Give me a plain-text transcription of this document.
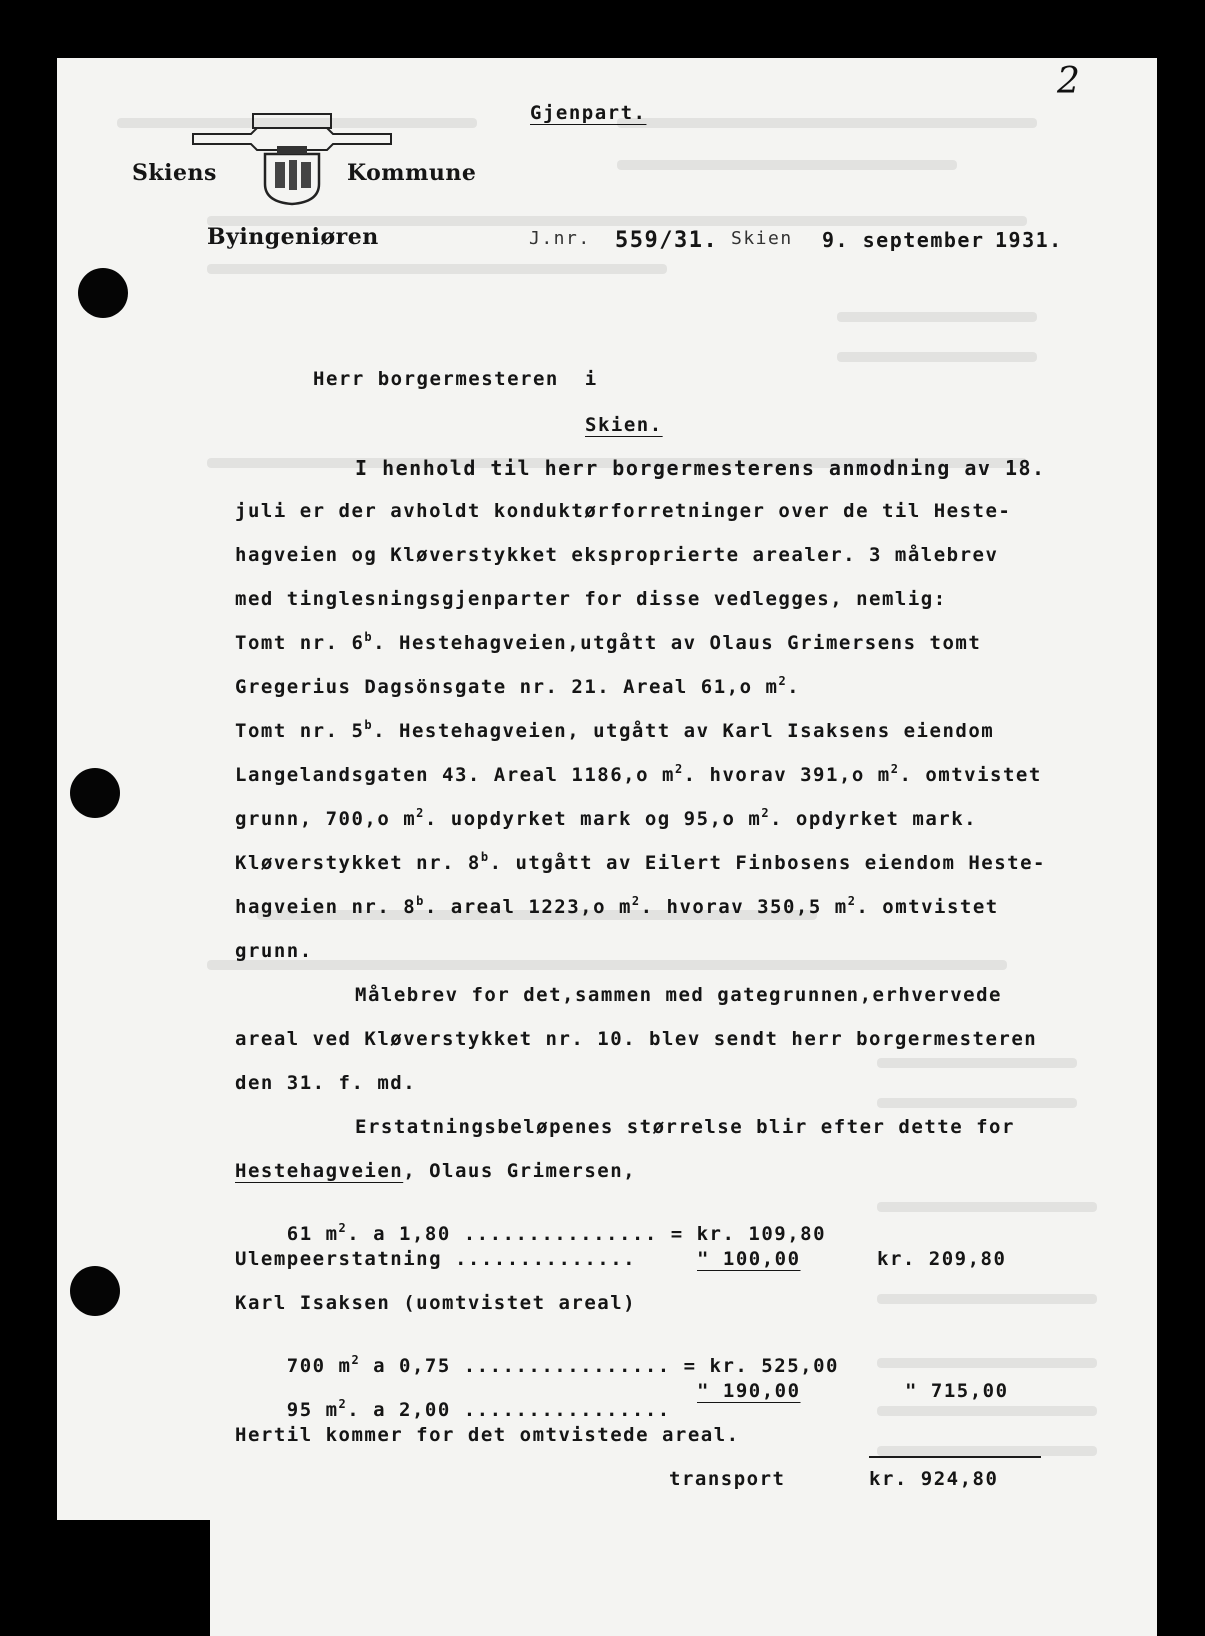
2
Gjenpart.
Skiens	Kommune
Byingeniøren	J.nr. 559/31. Skien 9. september 1931.
Herr borgermesteren  i
Skien.
I henhold til herr borgermesterens anmodning av 18.
juli er der avholdt konduktørforretninger over de til Heste-
hagveien og Kløverstykket eksproprierte arealer. 3 målebrev
med tinglesningsgjenparter for disse vedlegges, nemlig:
Tomt nr. 6$^b$. Hestehagveien,utgått av Olaus Grimersens tomt
Gregerius Dagsönsgate nr. 21. Areal 61,o $m^2$.
Tomt nr. 5$^b$. Hestehagveien, utgått av Karl Isaksens eiendom
Langelandsgaten 43. Areal 1186,o $m^2$. hvorav 391,o $m^2$. omtvistet
grunn, 700,o $m^2$. uopdyrket mark og 95,o $m^2$. opdyrket mark.
Kløverstykket nr. 8$^b$. utgått av Eilert Finbosens eiendom Heste-
hagveien nr. 8$^b$. areal 1223,o $m^2$. hvorav 350,5 $m^2$. omtvistet
grunn.
Målebrev for det,sammen med gategrunnen,erhvervede
areal ved Kløverstykket nr. 10. blev sendt herr borgermesteren
den 31. f. md.
Erstatningsbeløpenes størrelse blir efter dette for
Hestehagveien, Olaus Grimersen,

61 $m^2$. a 1,80 ............... = kr. 109,80

Ulempeerstatning ..............	" 100,00	kr. 209,80
Karl Isaksen (uomtvistet areal)

700 $m^2$ a 0,75 ................ = kr. 525,00

95 $m^2$. a 2,00 ................

" 190,00	" 715,00
Hertil kommer for det omtvistede areal.
transport	kr. 924,80
